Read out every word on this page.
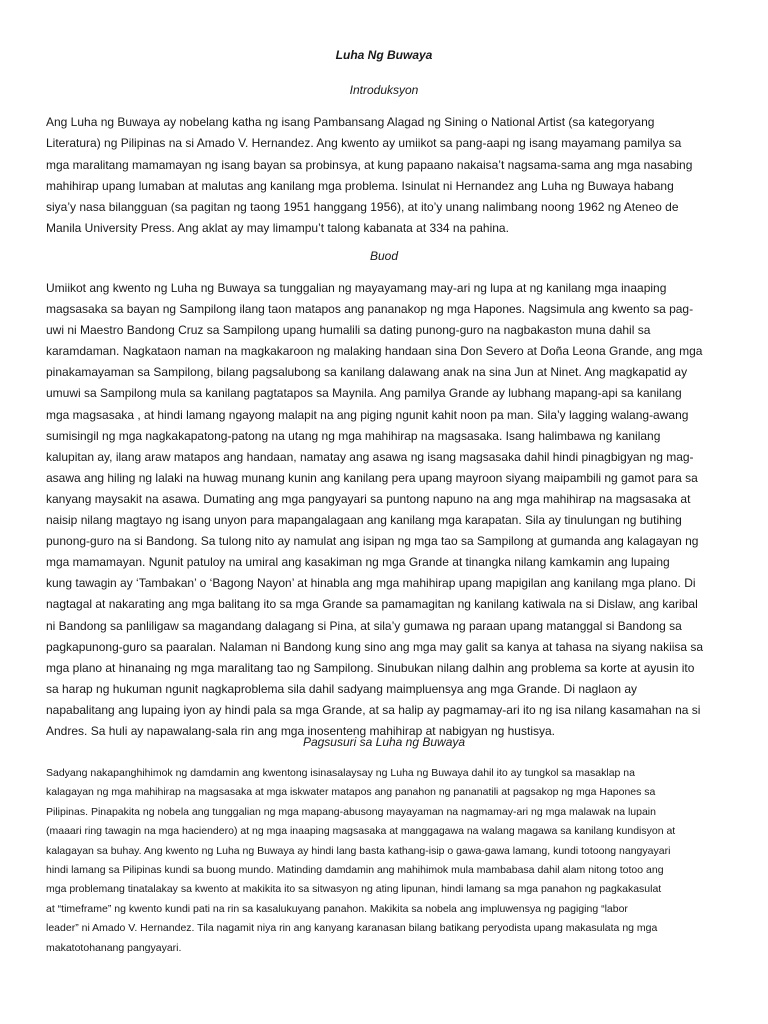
Luha Ng Buwaya
Introduksyon
Ang Luha ng Buwaya ay nobelang katha ng isang Pambansang Alagad ng Sining o National Artist (sa kategoryang
Literatura) ng Pilipinas na si Amado V. Hernandez. Ang kwento ay umiikot sa pang-aapi ng isang mayamang pamilya sa
mga maralitang mamamayan ng isang bayan sa probinsya, at kung papaano nakaisa’t nagsama-sama ang mga nasabing
mahihirap upang lumaban at malutas ang kanilang mga problema. Isinulat ni Hernandez ang Luha ng Buwaya habang
siya’y nasa bilangguan (sa pagitan ng taong 1951 hanggang 1956), at ito’y unang nalimbang noong 1962 ng Ateneo de
Manila University Press. Ang aklat ay may limampu’t talong kabanata at 334 na pahina.
Buod
Umiikot ang kwento ng Luha ng Buwaya sa tunggalian ng mayayamang may-ari ng lupa at ng kanilang mga inaaping
magsasaka sa bayan ng Sampilong ilang taon matapos ang pananakop ng mga Hapones. Nagsimula ang kwento sa pag-
uwi ni Maestro Bandong Cruz sa Sampilong upang humalili sa dating punong-guro na nagbakaston muna dahil sa
karamdaman. Nagkataon naman na magkakaroon ng malaking handaan sina Don Severo at Doña Leona Grande, ang mga
pinakamayaman sa Sampilong, bilang pagsalubong sa kanilang dalawang anak na sina Jun at Ninet. Ang magkapatid ay
umuwi sa Sampilong mula sa kanilang pagtatapos sa Maynila. Ang pamilya Grande ay lubhang mapang-api sa kanilang
mga magsasaka , at hindi lamang ngayong malapit na ang piging ngunit kahit noon pa man. Sila’y lagging walang-awang
sumisingil ng mga nagkakapatong-patong na utang ng mga mahihirap na magsasaka. Isang halimbawa ng kanilang
kalupitan ay, ilang araw matapos ang handaan, namatay ang asawa ng isang magsasaka dahil hindi pinagbigyan ng mag-
asawa ang hiling ng lalaki na huwag munang kunin ang kanilang pera upang mayroon siyang maipambili ng gamot para sa
kanyang maysakit na asawa. Dumating ang mga pangyayari sa puntong napuno na ang mga mahihirap na magsasaka at
naisip nilang magtayo ng isang unyon para mapangalagaan ang kanilang mga karapatan. Sila ay tinulungan ng butihing
punong-guro na si Bandong. Sa tulong nito ay namulat ang isipan ng mga tao sa Sampilong at gumanda ang kalagayan ng
mga mamamayan. Ngunit patuloy na umiral ang kasakiman ng mga Grande at tinangka nilang kamkamin ang lupaing
kung tawagin ay ‘Tambakan’ o ‘Bagong Nayon’ at hinabla ang mga mahihirap upang mapigilan ang kanilang mga plano. Di
nagtagal at nakarating ang mga balitang ito sa mga Grande sa pamamagitan ng kanilang katiwala na si Dislaw, ang karibal
ni Bandong sa panliligaw sa magandang dalagang si Pina, at sila’y gumawa ng paraan upang matanggal si Bandong sa
pagkapunong-guro sa paaralan. Nalaman ni Bandong kung sino ang mga may galit sa kanya at tahasa na siyang nakiisa sa
mga plano at hinanaing ng mga maralitang tao ng Sampilong. Sinubukan nilang dalhin ang problema sa korte at ayusin ito
sa harap ng hukuman ngunit nagkaproblema sila dahil sadyang maimpluensya ang mga Grande. Di naglaon ay
napabalitang ang lupaing iyon ay hindi pala sa mga Grande, at sa halip ay pagmamay-ari ito ng isa nilang kasamahan na si
Andres. Sa huli ay napawalang-sala rin ang mga inosenteng mahihirap at nabigyan ng hustisya.
Pagsusuri sa Luha ng Buwaya
Sadyang nakapanghihimok ng damdamin ang kwentong isinasalaysay ng Luha ng Buwaya dahil ito ay tungkol sa masaklap na
kalagayan ng mga mahihirap na magsasaka at mga iskwater matapos ang panahon ng pananatili at pagsakop ng mga Hapones sa
Pilipinas. Pinapakita ng nobela ang tunggalian ng mga mapang-abusong mayayaman na nagmamay-ari ng mga malawak na lupain
(maaari ring tawagin na mga haciendero) at ng mga inaaping magsasaka at manggagawa na walang magawa sa kanilang kundisyon at
kalagayan sa buhay. Ang kwento ng Luha ng Buwaya ay hindi lang basta kathang-isip o gawa-gawa lamang, kundi totoong nangyayari
hindi lamang sa Pilipinas kundi sa buong mundo. Matinding damdamin ang mahihimok mula mambabasa dahil alam nitong totoo ang
mga problemang tinatalakay sa kwento at makikita ito sa sitwasyon ng ating lipunan, hindi lamang sa mga panahon ng pagkakasulat
at “timeframe” ng kwento kundi pati na rin sa kasalukuyang panahon. Makikita sa nobela ang impluwensya ng pagiging “labor
leader” ni Amado V. Hernandez. Tila nagamit niya rin ang kanyang karanasan bilang batikang peryodista upang makasulata ng mga
makatotohanang pangyayari.
